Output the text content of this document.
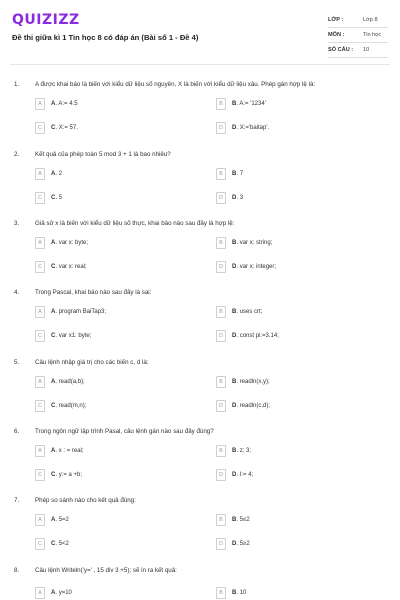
QUIZIZZ
Đề thi giữa kì 1 Tin học 8 có đáp án (Bài số 1 - Đề 4)
LỚP :	Lớp 8
MÔN :	Tin học
SỐ CÂU : 10
1.	A được khai báo là biến với kiểu dữ liệu số nguyên, X là biến với kiểu dữ liệu xâu. Phép gán hợp lệ là:
A	A. A:= 4.5	B	B. A:= '1234'
C	C. X:= 57.	D	D. X:='baitap'.
2.	Kết quả của phép toán 5 mod 3 + 1 là bao nhiêu?
A	A. 2	B	B. 7
C	C. 5	D	D. 3
3.	Giả sử x là biến với kiểu dữ liệu số thực, khai báo nào sau đây là hợp lệ:
A	A. var x: byte;	B	B. var x: string;
C	C. var x: real;	D	D. var x: integer;
4.	Trong Pascal, khai báo nào sau đây là sai:
A	A. program BaiTap3;	B	B. uses crt;
C	C. var x1: byte;	D	D. const pi:=3.14;
5.	Câu lệnh nhập giá trị cho các biến c, d là:
A	A. read(a,b);	B	B. readln(x,y);
C	C. read(m,n);	D	D. readln(c,d);
6.	Trong ngôn ngữ lập trình Pasal, câu lệnh gán nào sau đây đúng?
A	A. x : = real;	B	B. z: 3;
C	C. y:= a +b;	D	D. I:= 4;
7.	Phép so sánh nào cho kết quả đúng:
A	A. 5=2	B	B. 5≤2
C	C. 5<2	D	D. 5≥2
8.	Câu lệnh Writeln('y=' , 15 div 3 +5); sẽ in ra kết quả:
A	A. y=10	B	B. 10
